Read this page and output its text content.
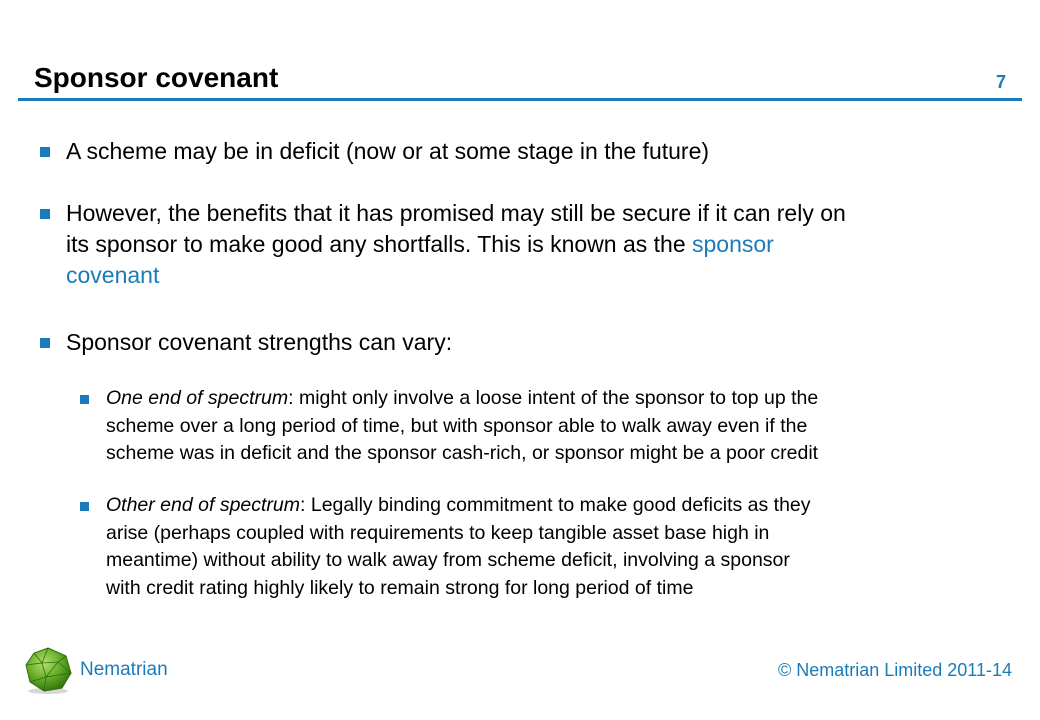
Sponsor covenant	7
A scheme may be in deficit (now or at some stage in the future)
However, the benefits that it has promised may still be secure if it can rely on
its sponsor to make good any shortfalls. This is known as the sponsor
covenant
Sponsor covenant strengths can vary:
One end of spectrum: might only involve a loose intent of the sponsor to top up the
scheme over a long period of time, but with sponsor able to walk away even if the
scheme was in deficit and the sponsor cash-rich, or sponsor might be a poor credit
Other end of spectrum: Legally binding commitment to make good deficits as they
arise (perhaps coupled with requirements to keep tangible asset base high in
meantime) without ability to walk away from scheme deficit, involving a sponsor
with credit rating highly likely to remain strong for long period of time
Nematrian	© Nematrian Limited 2011-14
